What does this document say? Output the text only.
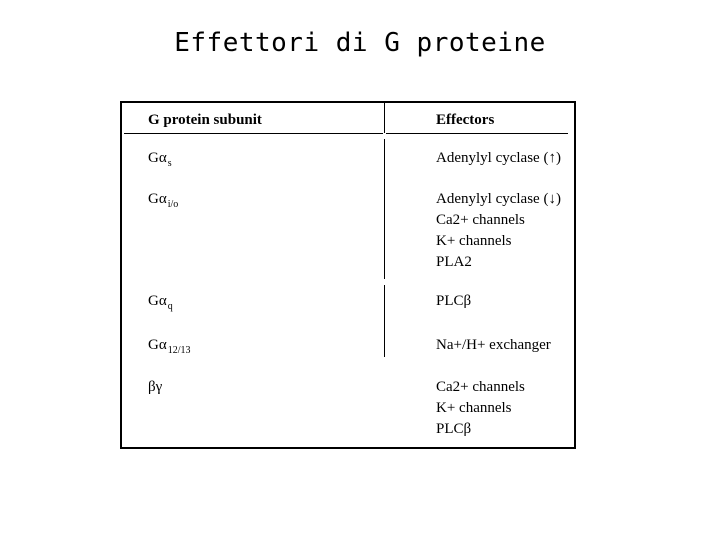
Effettori di G proteine
G protein subunit	Effectors
$G\alpha_s$	Adenylyl cyclase (↑)
$G\alpha_{i/o}$	Adenylyl cyclase (↓)
Ca2+ channels
K+ channels
PLA2
$G\alpha_q$	PLCβ
$G\alpha_{12/13}$	Na+/H+ exchanger
βγ	Ca2+ channels
K+ channels
PLCβ
